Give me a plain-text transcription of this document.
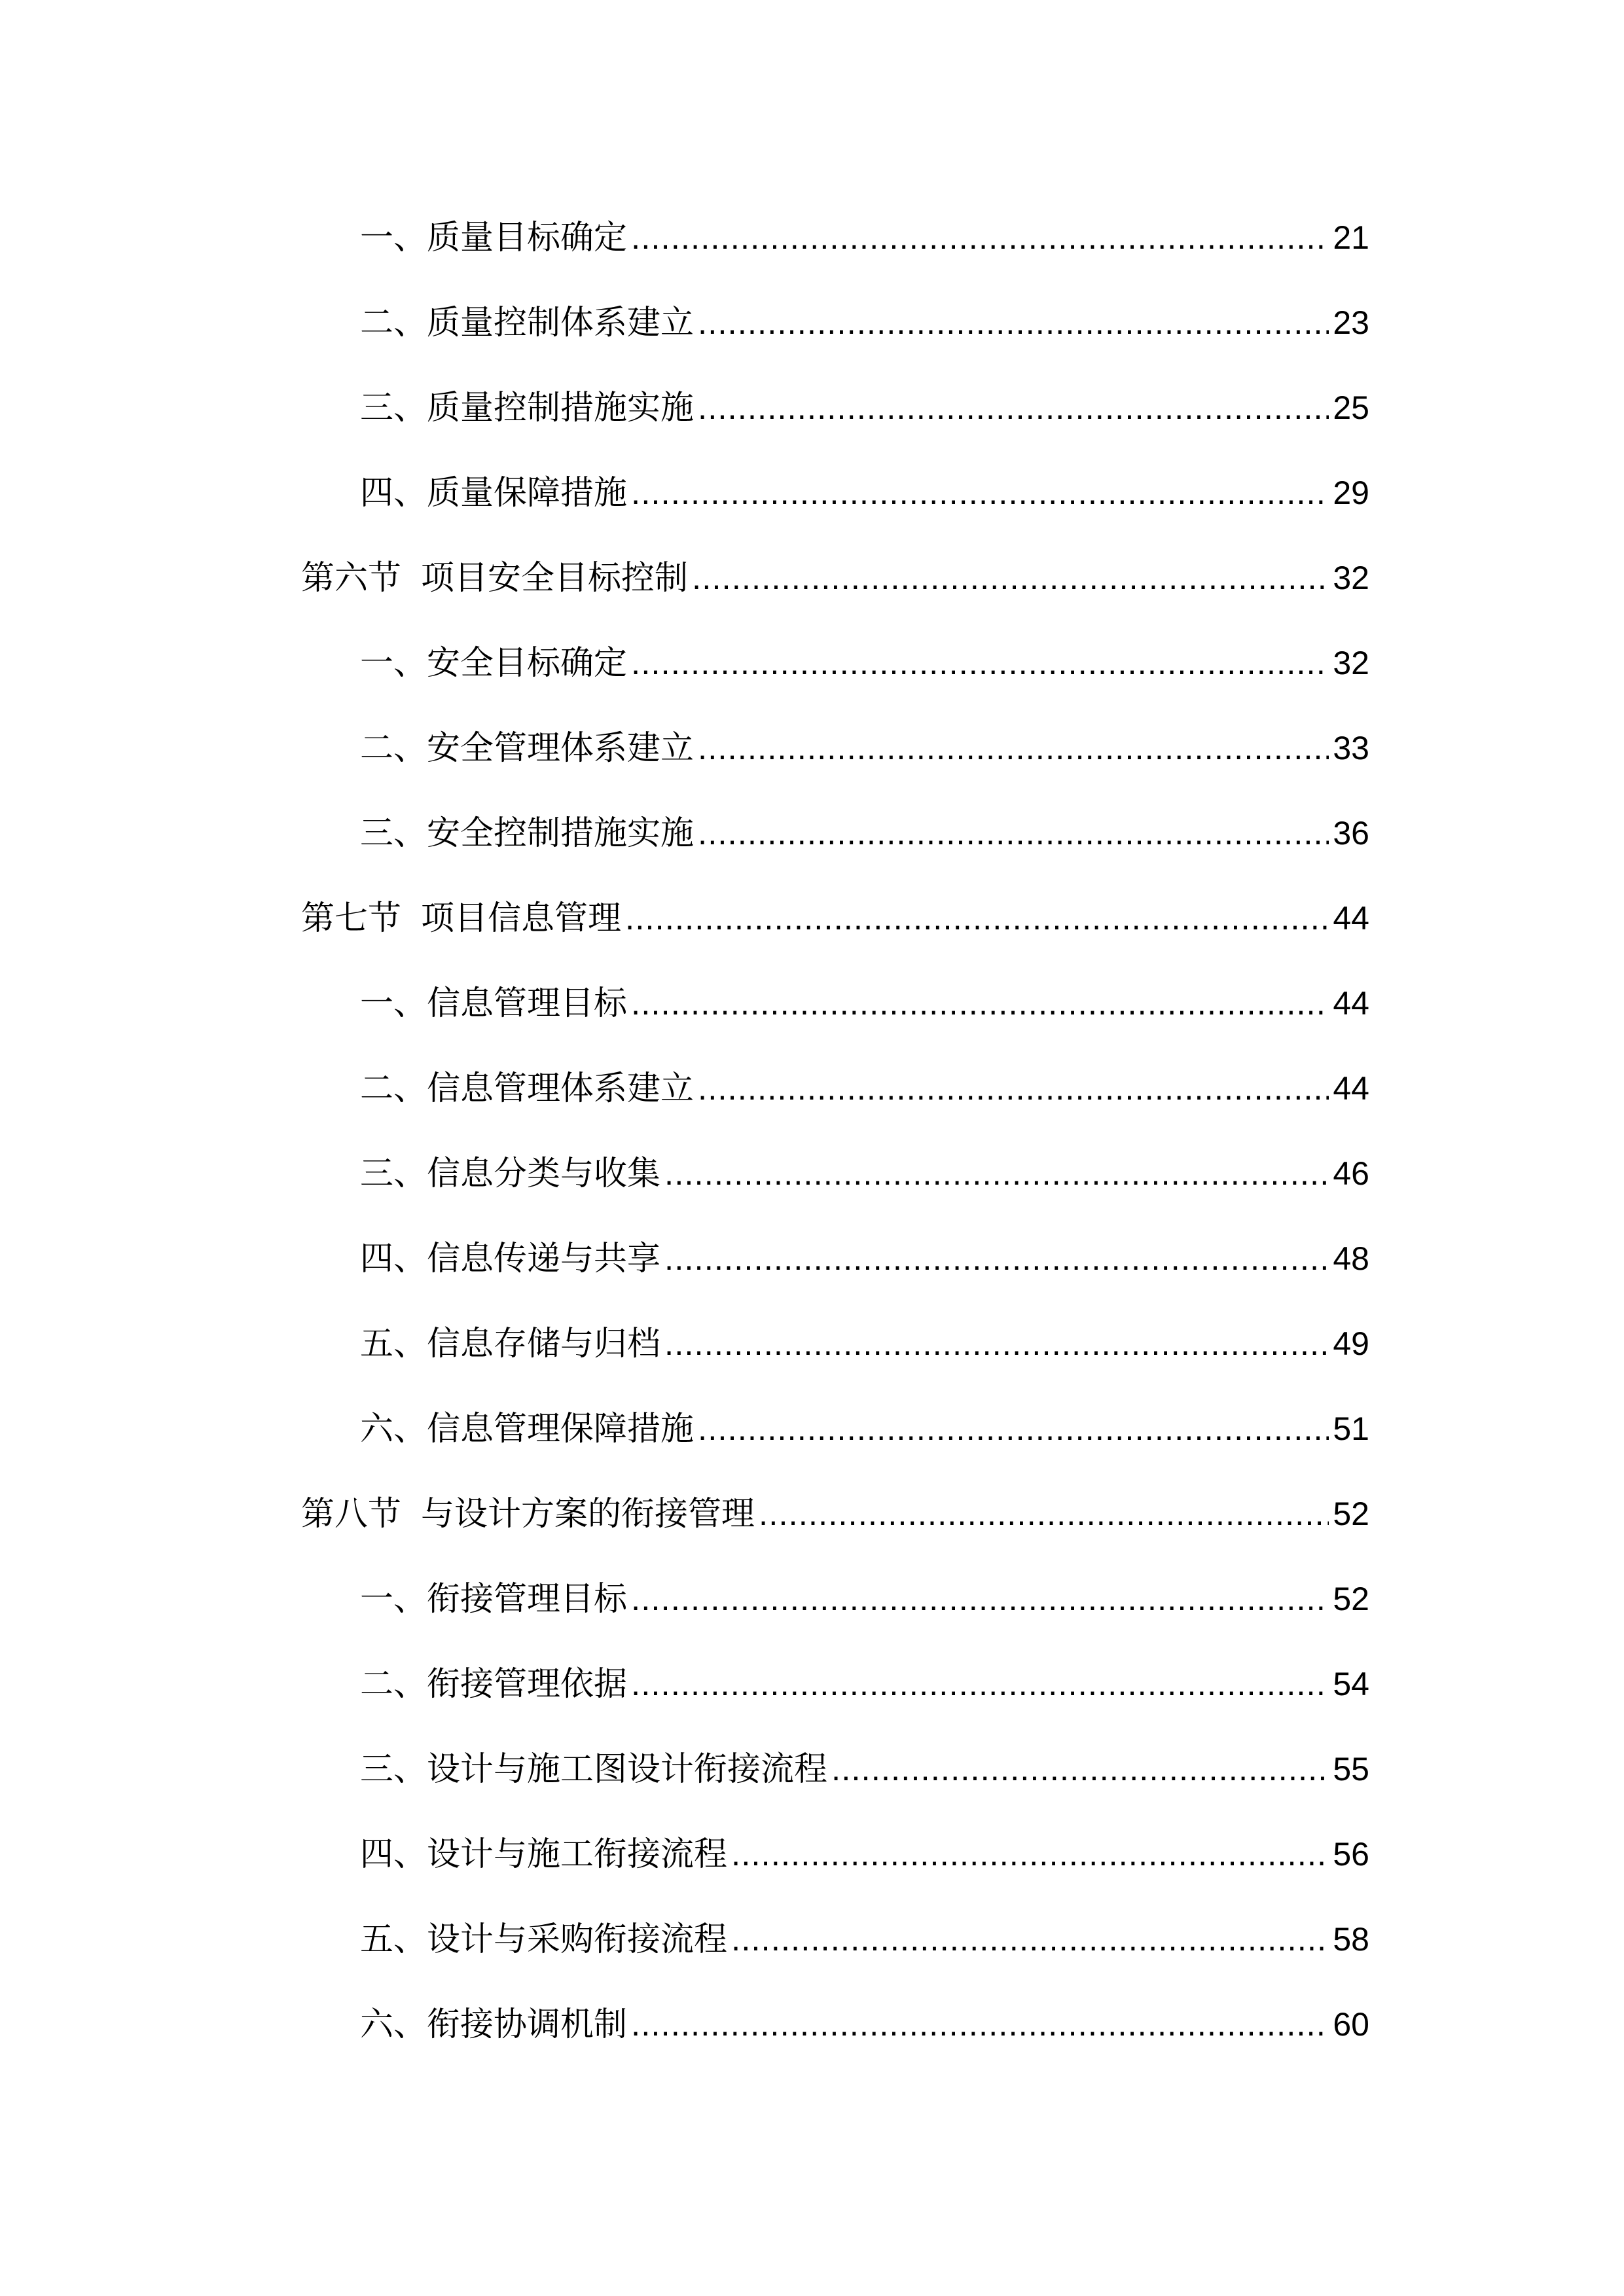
一、 质量目标确定 .....	21
二、 质量控制体系建立 .....	23
三、 质量控制措施实施 .....	25
四、 质量保障措施 .....	29
第六节 项目安全目标控制 .....	32
一、 安全目标确定 .....	32
二、 安全管理体系建立 .....	33
三、 安全控制措施实施 .....	36
第七节 项目信息管理 .....	44
一、 信息管理目标 .....	44
二、 信息管理体系建立 .....	44
三、 信息分类与收集 .....	46
四、 信息传递与共享 .....	48
五、 信息存储与归档 .....	49
六、 信息管理保障措施 .....	51
第八节 与设计方案的衔接管理 .....	52
一、 衔接管理目标 .....	52
二、 衔接管理依据 .....	54
三、 设计与施工图设计衔接流程 .....	55
四、 设计与施工衔接流程 .....	56
五、 设计与采购衔接流程 .....	58
六、 衔接协调机制 .....	60
